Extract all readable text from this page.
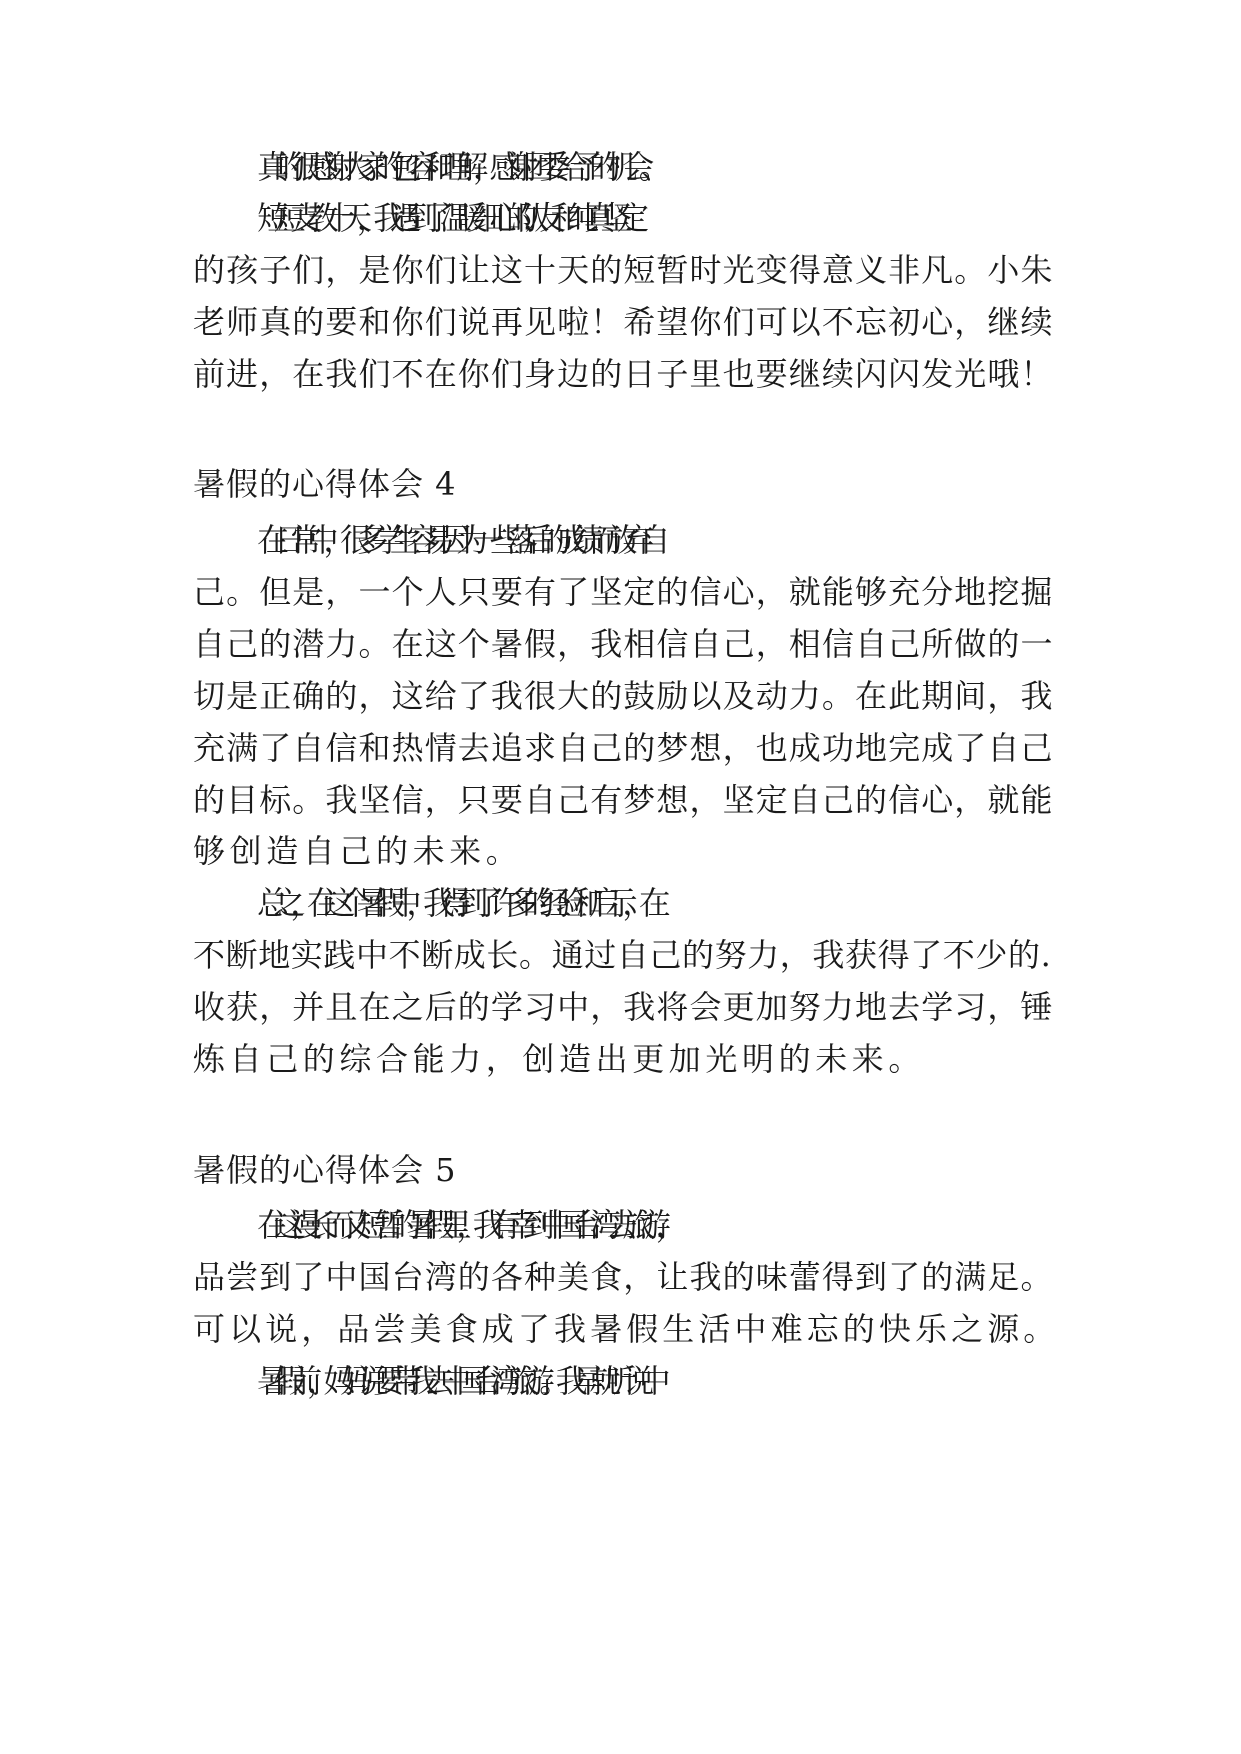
真的很感谢大家的包容和理解，感谢团委给予的机会。
短短支教十天，我遇到了温暖细心的.队友和纯真坚定
的孩子们，是你们让这十天的短暂时光变得意义非凡。小朱
老师真的要和你们说再见啦！希望你们可以不忘初心，继续
前进，在我们不在你们身边的日子里也要继续闪闪发光哦！
暑假的心得体会 4
在日常中，很多学生容易因为一些落后的成绩而放弃自
己。但是，一个人只要有了坚定的信心，就能够充分地挖掘
自己的潜力。在这个暑假，我相信自己，相信自己所做的一
切是正确的，这给了我很大的鼓励以及动力。在此期间，我
充满了自信和热情去追求自己的梦想，也成功地完成了自己
的目标。我坚信，只要自己有梦想，坚定自己的信心，就能
够创造自己的未来。
总之，在这个暑假中，我得到了许多的经验和启示，在
不断地实践中不断成长。通过自己的努力，我获得了不少的.
收获，并且在之后的学习中，我将会更加努力地去学习，锤
炼自己的综合能力，创造出更加光明的未来。
暑假的心得体会 5
在这漫长而又短暂的暑假里，我有幸到中国台湾去旅游，
品尝到了中国台湾的各种美食，让我的味蕾得到了的满足。
可以说，品尝美食成了我暑假生活中难忘的快乐之源。
暑假前，妈妈说要带我去中国台湾旅游。我早就听说中
